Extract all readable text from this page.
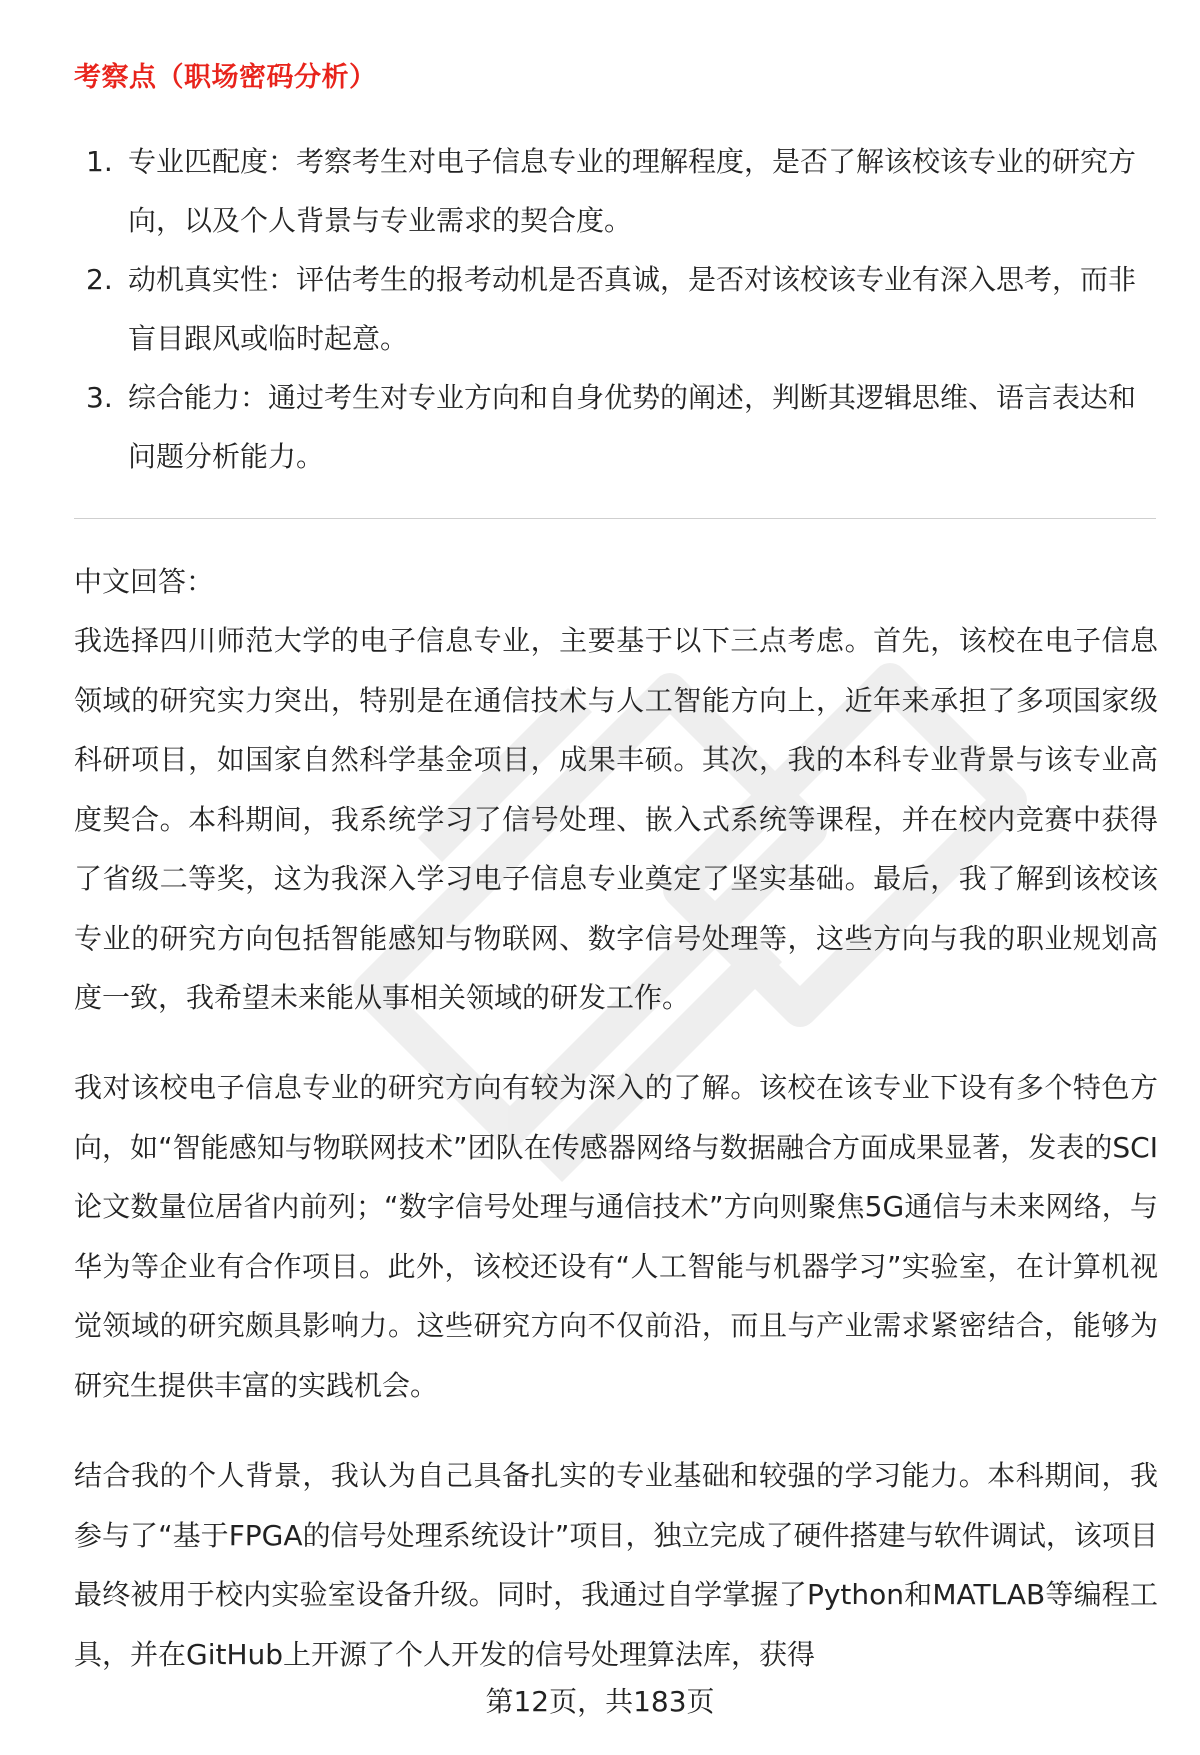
考察点（职场密码分析）
1. 专业匹配度：考察考生对电子信息专业的理解程度，是否了解该校该专业的研究方向，以及个人背景与专业需求的契合度。
2. 动机真实性：评估考生的报考动机是否真诚，是否对该校该专业有深入思考，而非盲目跟风或临时起意。
3. 综合能力：通过考生对专业方向和自身优势的阐述，判断其逻辑思维、语言表达和问题分析能力。
中文回答：

我选择四川师范大学的电子信息专业，主要基于以下三点考虑。首先，该校在电子信息领域的研究实力突出，特别是在通信技术与人工智能方向上，近年来承担了多项国家级科研项目，如国家自然科学基金项目，成果丰硕。其次，我的本科专业背景与该专业高度契合。本科期间，我系统学习了信号处理、嵌入式系统等课程，并在校内竞赛中获得了省级二等奖，这为我深入学习电子信息专业奠定了坚实基础。最后，我了解到该校该专业的研究方向包括智能感知与物联网、数字信号处理等，这些方向与我的职业规划高度一致，我希望未来能从事相关领域的研发工作。

我对该校电子信息专业的研究方向有较为深入的了解。该校在该专业下设有多个特色方向，如“智能感知与物联网技术”团队在传感器网络与数据融合方面成果显著，发表的SCI论文数量位居省内前列；“数字信号处理与通信技术”方向则聚焦5G通信与未来网络，与华为等企业有合作项目。此外，该校还设有“人工智能与机器学习”实验室，在计算机视觉领域的研究颇具影响力。这些研究方向不仅前沿，而且与产业需求紧密结合，能够为研究生提供丰富的实践机会。

结合我的个人背景，我认为自己具备扎实的专业基础和较强的学习能力。本科期间，我参与了“基于FPGA的信号处理系统设计”项目，独立完成了硬件搭建与软件调试，该项目最终被用于校内实验室设备升级。同时，我通过自学掌握了Python和MATLAB等编程工具，并在GitHub上开源了个人开发的信号处理算法库，获得

第12页，共183页
